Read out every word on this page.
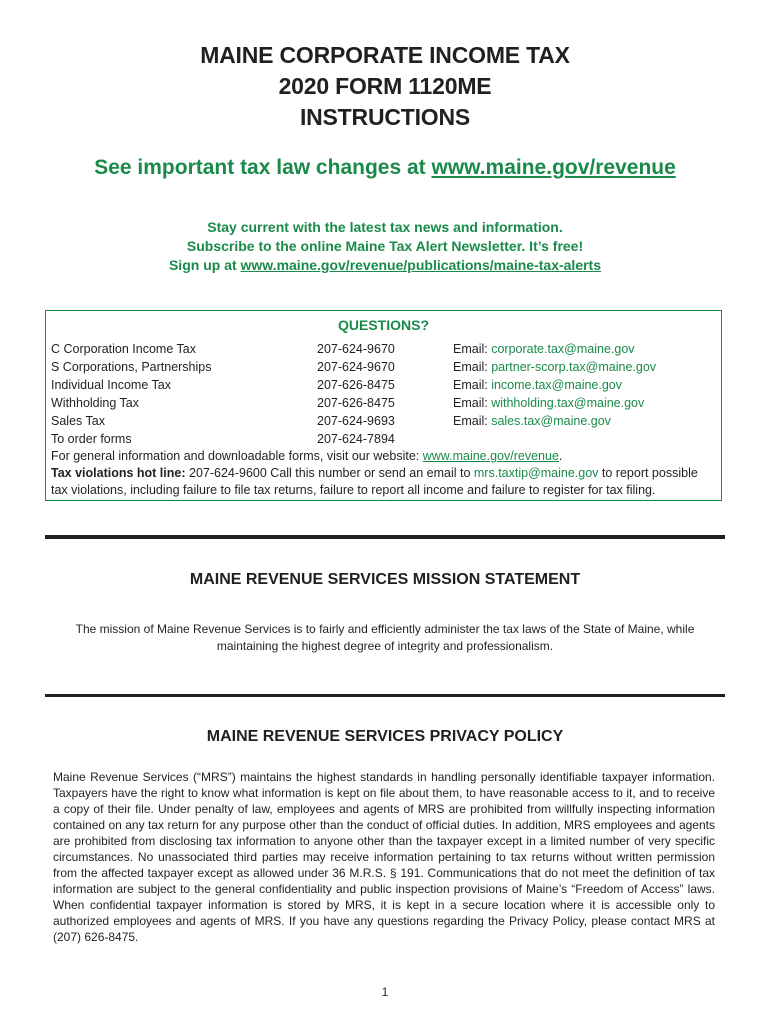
MAINE CORPORATE INCOME TAX
2020 FORM 1120ME
INSTRUCTIONS
See important tax law changes at www.maine.gov/revenue
Stay current with the latest tax news and information.
Subscribe to the online Maine Tax Alert Newsletter. It’s free!
Sign up at www.maine.gov/revenue/publications/maine-tax-alerts
QUESTIONS?
C Corporation Income Tax	207-624-9670	Email: corporate.tax@maine.gov
S Corporations, Partnerships	207-624-9670	Email: partner-scorp.tax@maine.gov
Individual Income Tax	207-626-8475	Email: income.tax@maine.gov
Withholding Tax	207-626-8475	Email: withholding.tax@maine.gov
Sales Tax	207-624-9693	Email: sales.tax@maine.gov
To order forms	207-624-7894
For general information and downloadable forms, visit our website: www.maine.gov/revenue.
Tax violations hot line: 207-624-9600 Call this number or send an email to mrs.taxtip@maine.gov to report possible tax violations, including failure to file tax returns, failure to report all income and failure to register for tax filing.
MAINE REVENUE SERVICES MISSION STATEMENT
The mission of Maine Revenue Services is to fairly and efficiently administer the tax laws of the State of Maine, while
maintaining the highest degree of integrity and professionalism.
MAINE REVENUE SERVICES PRIVACY POLICY
Maine Revenue Services (“MRS”) maintains the highest standards in handling personally identifiable taxpayer information. Taxpayers have the right to know what information is kept on file about them, to have reasonable access to it, and to receive a copy of their file. Under penalty of law, employees and agents of MRS are prohibited from willfully inspecting information contained on any tax return for any purpose other than the conduct of official duties. In addition, MRS employees and agents are prohibited from disclosing tax information to anyone other than the taxpayer except in a limited number of very specific circumstances. No unassociated third parties may receive information pertaining to tax returns without written permission from the affected taxpayer except as allowed under 36 M.R.S. § 191. Communications that do not meet the definition of tax information are subject to the general confidentiality and public inspection provisions of Maine’s “Freedom of Access” laws. When confidential taxpayer information is stored by MRS, it is kept in a secure location where it is accessible only to authorized employees and agents of MRS. If you have any questions regarding the Privacy Policy, please contact MRS at (207) 626-8475.
1
